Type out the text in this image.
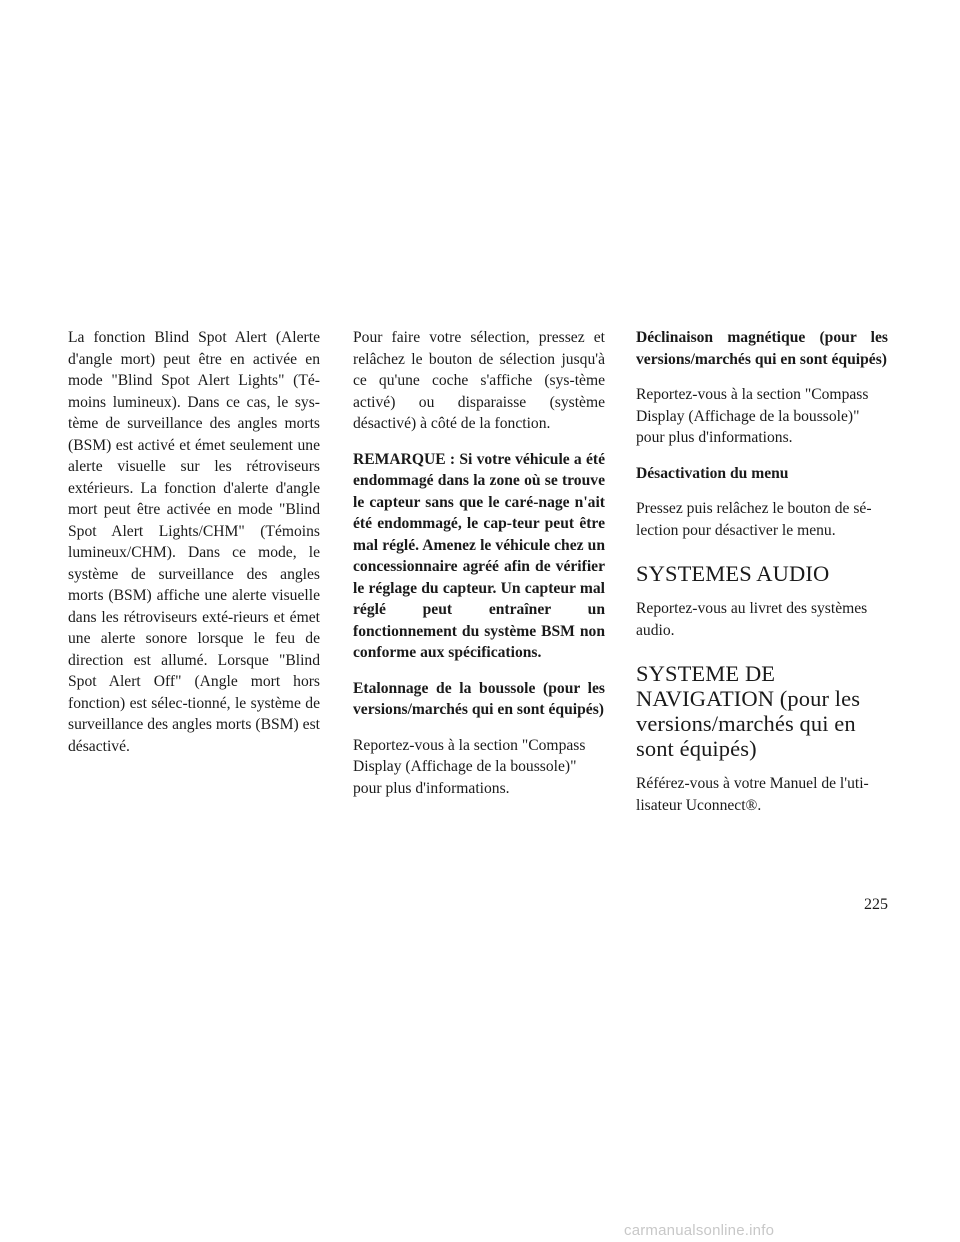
La fonction Blind Spot Alert (Alerte d'angle mort) peut être en activée en mode "Blind Spot Alert Lights" (Té-moins lumineux). Dans ce cas, le sys-tème de surveillance des angles morts (BSM) est activé et émet seulement une alerte visuelle sur les rétroviseurs extérieurs. La fonction d'alerte d'angle mort peut être activée en mode "Blind Spot Alert Lights/CHM" (Témoins lumineux/CHM). Dans ce mode, le système de surveillance des angles morts (BSM) affiche une alerte visuelle dans les rétroviseurs exté-rieurs et émet une alerte sonore lorsque le feu de direction est allumé. Lorsque "Blind Spot Alert Off" (Angle mort hors fonction) est sélec-tionné, le système de surveillance des angles morts (BSM) est désactivé.

Pour faire votre sélection, pressez et relâchez le bouton de sélection jusqu'à ce qu'une coche s'affiche (sys-tème activé) ou disparaisse (système désactivé) à côté de la fonction.

REMARQUE : Si votre véhicule a été endommagé dans la zone où se trouve le capteur sans que le caré-nage n'ait été endommagé, le cap-teur peut être mal réglé. Amenez le véhicule chez un concessionnaire agréé afin de vérifier le réglage du capteur. Un capteur mal réglé peut entraîner un fonctionnement du système BSM non conforme aux spécifications.

Etalonnage de la boussole (pour les versions/marchés qui en sont équipés)

Reportez-vous à la section "Compass Display (Affichage de la boussole)" pour plus d'informations.

Déclinaison magnétique (pour les versions/marchés qui en sont équipés)

Reportez-vous à la section "Compass Display (Affichage de la boussole)" pour plus d'informations.

Désactivation du menu

Pressez puis relâchez le bouton de sé-lection pour désactiver le menu.

SYSTEMES AUDIO

Reportez-vous au livret des systèmes audio.

SYSTEME DE NAVIGATION (pour les versions/marchés qui en sont équipés)

Référez-vous à votre Manuel de l'uti-lisateur Uconnect®.

225
carmanualsonline.info
